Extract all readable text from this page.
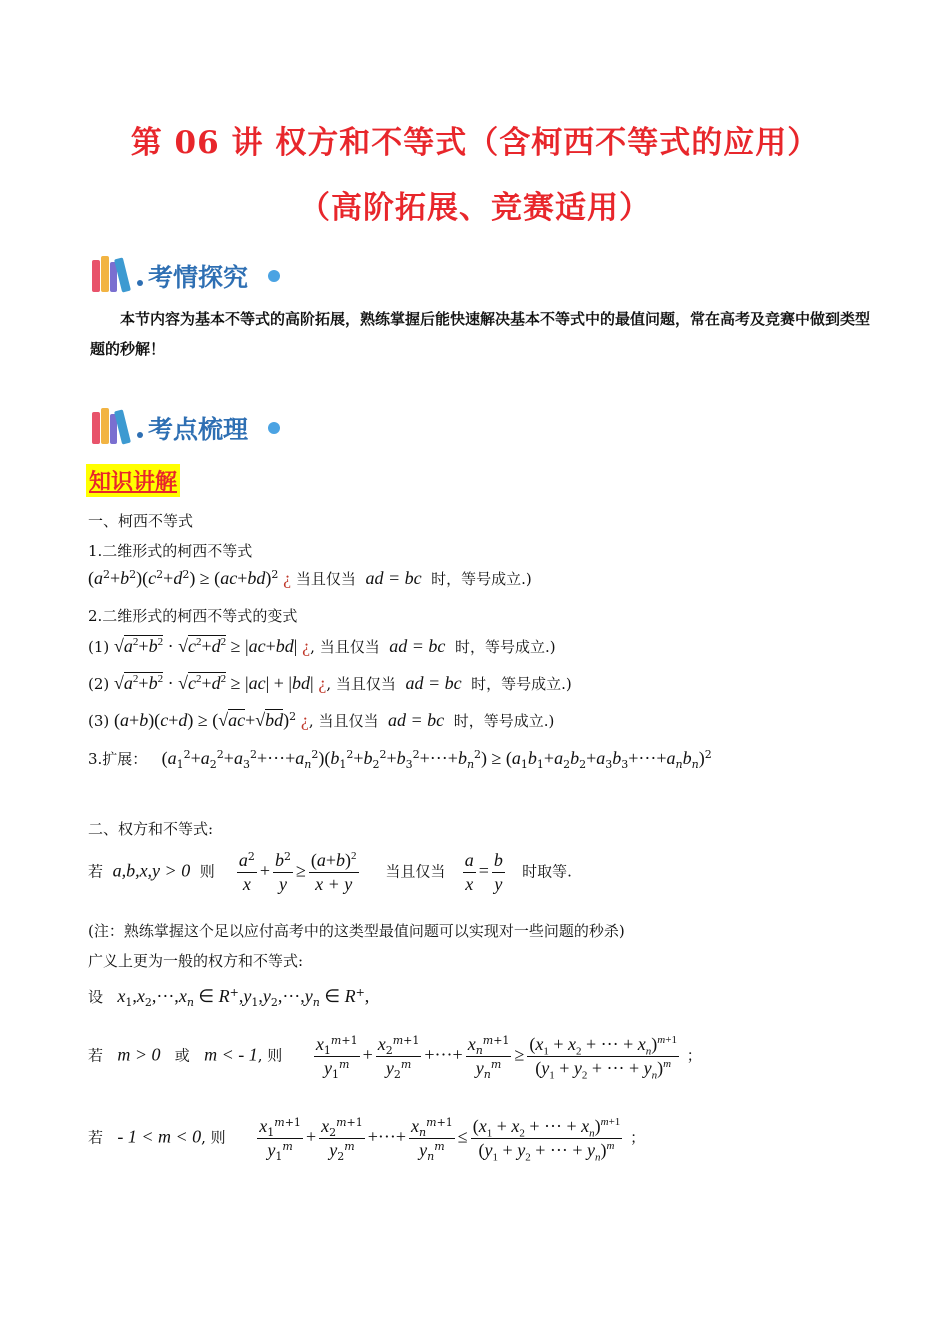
第 06 讲 权方和不等式（含柯西不等式的应用）
（高阶拓展、竞赛适用）
考情探究
本节内容为基本不等式的高阶拓展，熟练掌握后能快速解决基本不等式中的最值问题，常在高考及竞赛中做到类型题的秒解！
考点梳理
知识讲解
一、柯西不等式
1.二维形式的柯西不等式
$(a^2+b^2)(c^2+d^2) \ge (ac+bd)^2$ ¿ 当且仅当 ad = bc 时，等号成立.)
2.二维形式的柯西不等式的变式
(1) $√a^2+b^2 \cdot √c^2+d^2 \ge |ac+bd|$ ¿, 当且仅当 ad = bc 时，等号成立.)
(2) $√a^2+b^2 \cdot √c^2+d^2 \ge |ac| + |bd|$ ¿, 当且仅当 ad = bc 时，等号成立.)
(3) $(a+b)(c+d) \ge (√ac+√bd)^2$ ¿, 当且仅当 ad = bc 时，等号成立.)
3.扩展： $(a_1^2+a_2^2+a_3^2+\cdot\cdot\cdot+a_n^2)(b_1^2+b_2^2+b_3^2+\cdot\cdot\cdot+b_n^2) \ge (a_1b_1+a_2b_2+a_3b_3+\cdot\cdot\cdot+a_nb_n)^2$
二、权方和不等式:
若 a,b,x,y > 0 则 $\frac{a^2}{x} + \frac{b^2}{y} \ge \frac{(a+b)^2}{x + y}$ 当且仅当 $\frac{a}{x} = \frac{b}{y}$ 时取等.
(注：熟练掌握这个足以应付高考中的这类型最值问题可以实现对一些问题的秒杀)
广义上更为一般的权方和不等式:
设 $x_1,x_2,\cdot\cdot\cdot,x_n$ ∈ $R^+,y_1,y_2,\cdot\cdot\cdot,y_n$ ∈ R+,
若 m > 0 或 m < - 1, 则 $\frac{x_1^{m+1}}{y_1^m} + \frac{x_2^{m+1}}{y_2^m}$ +···+ $\frac{x_n^{m+1}}{y_n^m} \ge \frac{(x_1 + x_2 + \cdot\cdot\cdot + x_n)^{m+1}}{(y_1 + y_2 + \cdot\cdot\cdot + y_n)^m}$ ；
若 - 1 < m < 0, 则 $\frac{x_1^{m+1}}{y_1^m} + \frac{x_2^{m+1}}{y_2^m}$ +···+ $\frac{x_n^{m+1}}{y_n^m} \le \frac{(x_1 + x_2 + \cdot\cdot\cdot + x_n)^{m+1}}{(y_1 + y_2 + \cdot\cdot\cdot + y_n)^m}$ ；
